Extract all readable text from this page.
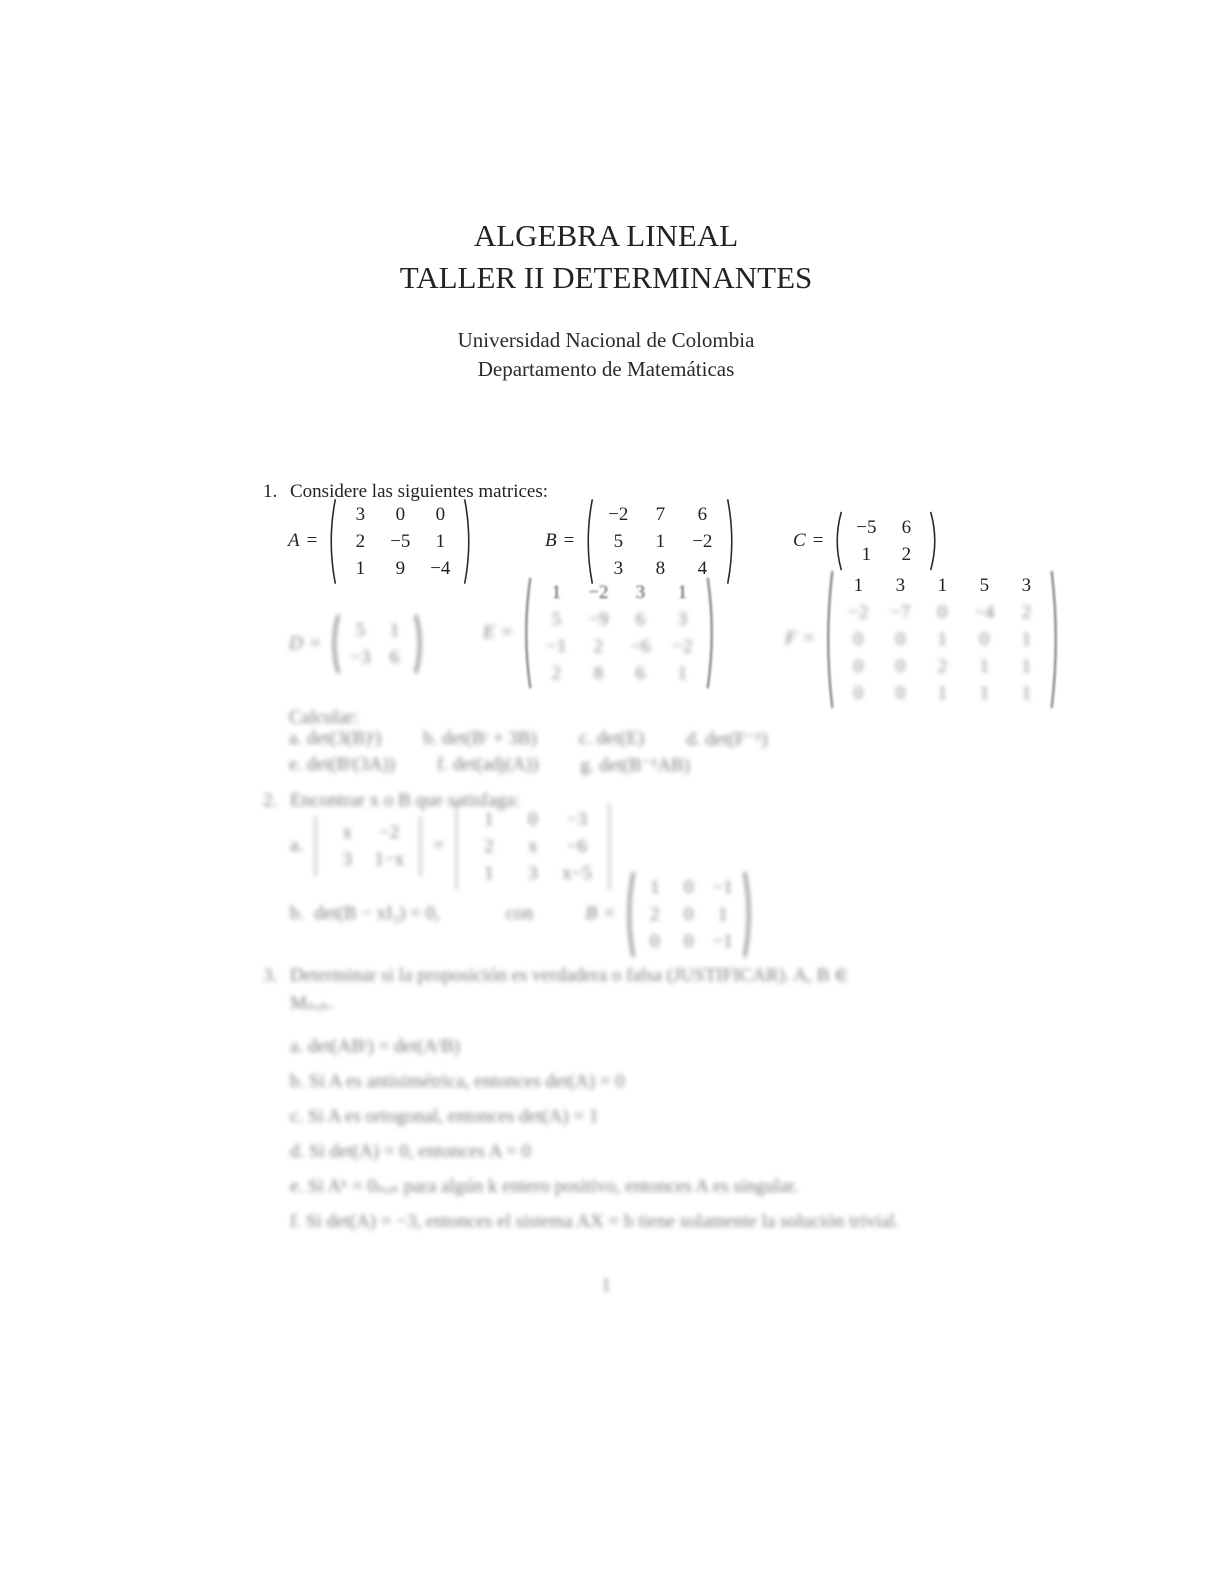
ALGEBRA LINEAL
TALLER II DETERMINANTES
Universidad Nacional de Colombia
Departamento de Matemáticas
1. Considere las siguientes matrices:
A =
3 0 0
2 −5 1
1 9 −4
B =
−2 7 6
5 1 −2
3 8 4
C =
−5 6
1 2
D =
5 1
−3 6
E =
1 −2 3 1
5 −9 6 3
−1 2 −6 −2
2 8 6 1
F =
1 3 1 5 3
−2 −7 0 −4 2
0 0 1 0 1
0 0 2 1 1
0 0 1 1 1
Calcular:
a. det(3(B)ᵗ) b. det(Bᵗ + 3B) c. det(E) d. det(F⁻¹)
e. det(Bᵗ(3A)) f. det(adj(A)) g. det(B⁻¹AB)
2. Encontrar x o B que satisfaga:
a.
x −2
3 1−x
=
1 0 −3
2 x −6
1 3 x−5
b. det(B − xI₃) = 0,	con	B =
1 0 −1
2 0 1
0 0 −1
3. Determinar si la proposición es verdadera o falsa (JUSTIFICAR). A, B ∈
Mₙₓₙ.
a. det(ABᵗ) = det(AᵗB)
b. Si A es antisimétrica, entonces det(A) = 0
c. Si A es ortogonal, entonces det(A) = 1
d. Si det(A) = 0, entonces A = 0
e. Si Aᵏ = 0ₙₓₙ para algún k entero positivo, entonces A es singular.
f. Si det(A) = −3, entonces el sistema AX = b tiene solamente la solución trivial.
1
